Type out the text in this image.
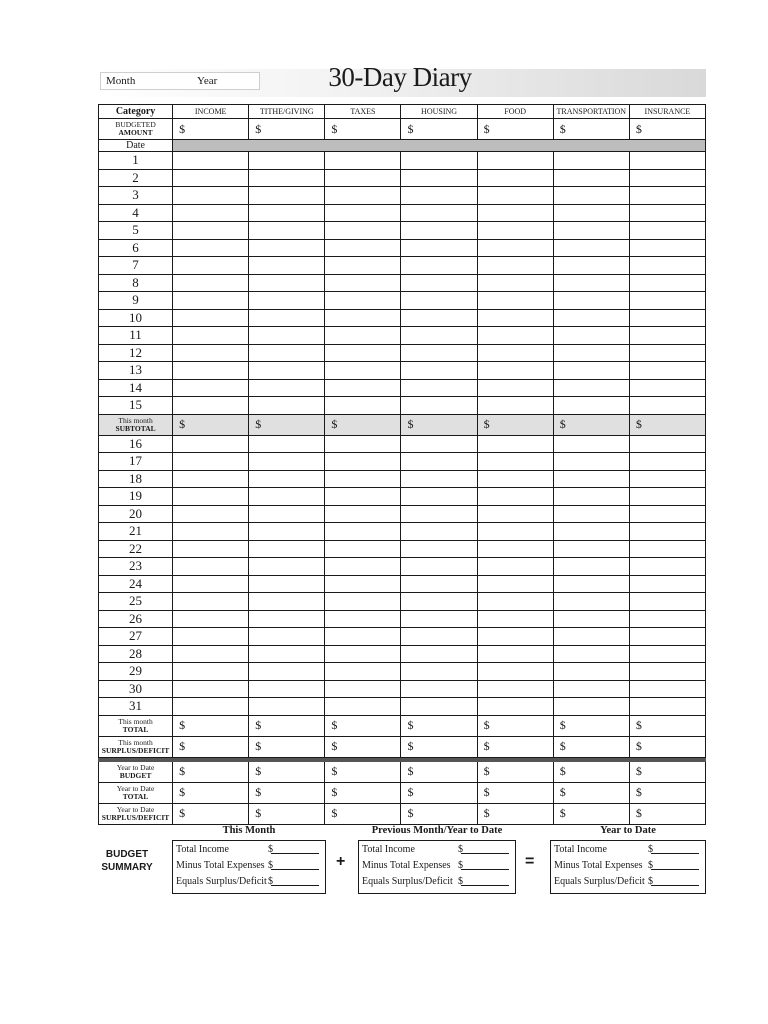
Month	Year	30-Day Diary
Category	INCOME	TITHE/GIVING	TAXES	HOUSING	FOOD	TRANSPORTATION	INSURANCE

BUDGETED
AMOUNT	$	$	$	$	$	$	$
Date							
1							
2							
3							
4							
5							
6							
7							
8							
9							
10							
11							
12							
13							
14							
15							

This month
SUBTOTAL	$	$	$	$	$	$	$
16							
17							
18							
19							
20							
21							
22							
23							
24							
25							
26							
27							
28							
29							
30							
31							

This month
TOTAL	$	$	$	$	$	$	$

This month
SURPLUS/DEFICIT	$	$	$	$	$	$	$

Year to Date
BUDGET	$	$	$	$	$	$	$

Year to Date
TOTAL	$	$	$	$	$	$	$

Year to Date
SURPLUS/DEFICIT	$	$	$	$	$	$	$
BUDGET
SUMMARY
This Month	Previous Month/Year to Date	Year to Date
+	=
Total Income	$
Minus Total Expenses $
Equals Surplus/Deficit $
Total Income	$
Minus Total Expenses $
Equals Surplus/Deficit $
Total Income	$
Minus Total Expenses $
Equals Surplus/Deficit $
